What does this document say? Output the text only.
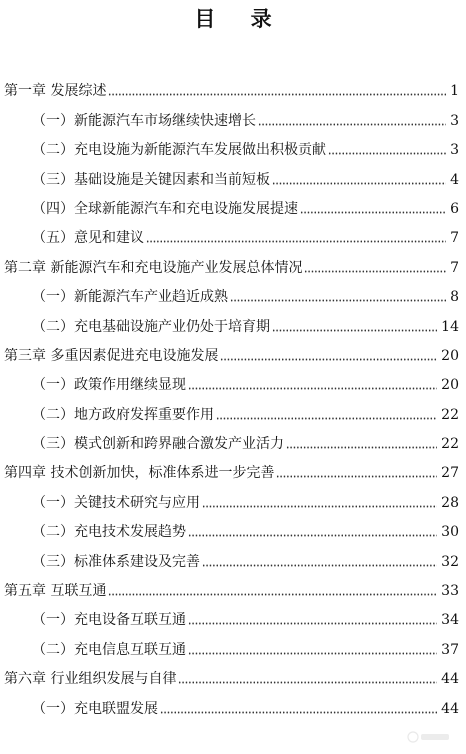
目 录
第一章 发展综述	1
（一）新能源汽车市场继续快速增长	3
（二）充电设施为新能源汽车发展做出积极贡献	3
（三）基础设施是关键因素和当前短板	4
（四）全球新能源汽车和充电设施发展提速	6
（五）意见和建议	7
第二章 新能源汽车和充电设施产业发展总体情况	7
（一）新能源汽车产业趋近成熟	8
（二）充电基础设施产业仍处于培育期	14
第三章 多重因素促进充电设施发展	20
（一）政策作用继续显现	20
（二）地方政府发挥重要作用	22
（三）模式创新和跨界融合激发产业活力	22
第四章 技术创新加快，标准体系进一步完善	27
（一）关键技术研究与应用	28
（二）充电技术发展趋势	30
（三）标准体系建设及完善	32
第五章 互联互通	33
（一）充电设备互联互通	34
（二）充电信息互联互通	37
第六章 行业组织发展与自律	44
（一）充电联盟发展	44
